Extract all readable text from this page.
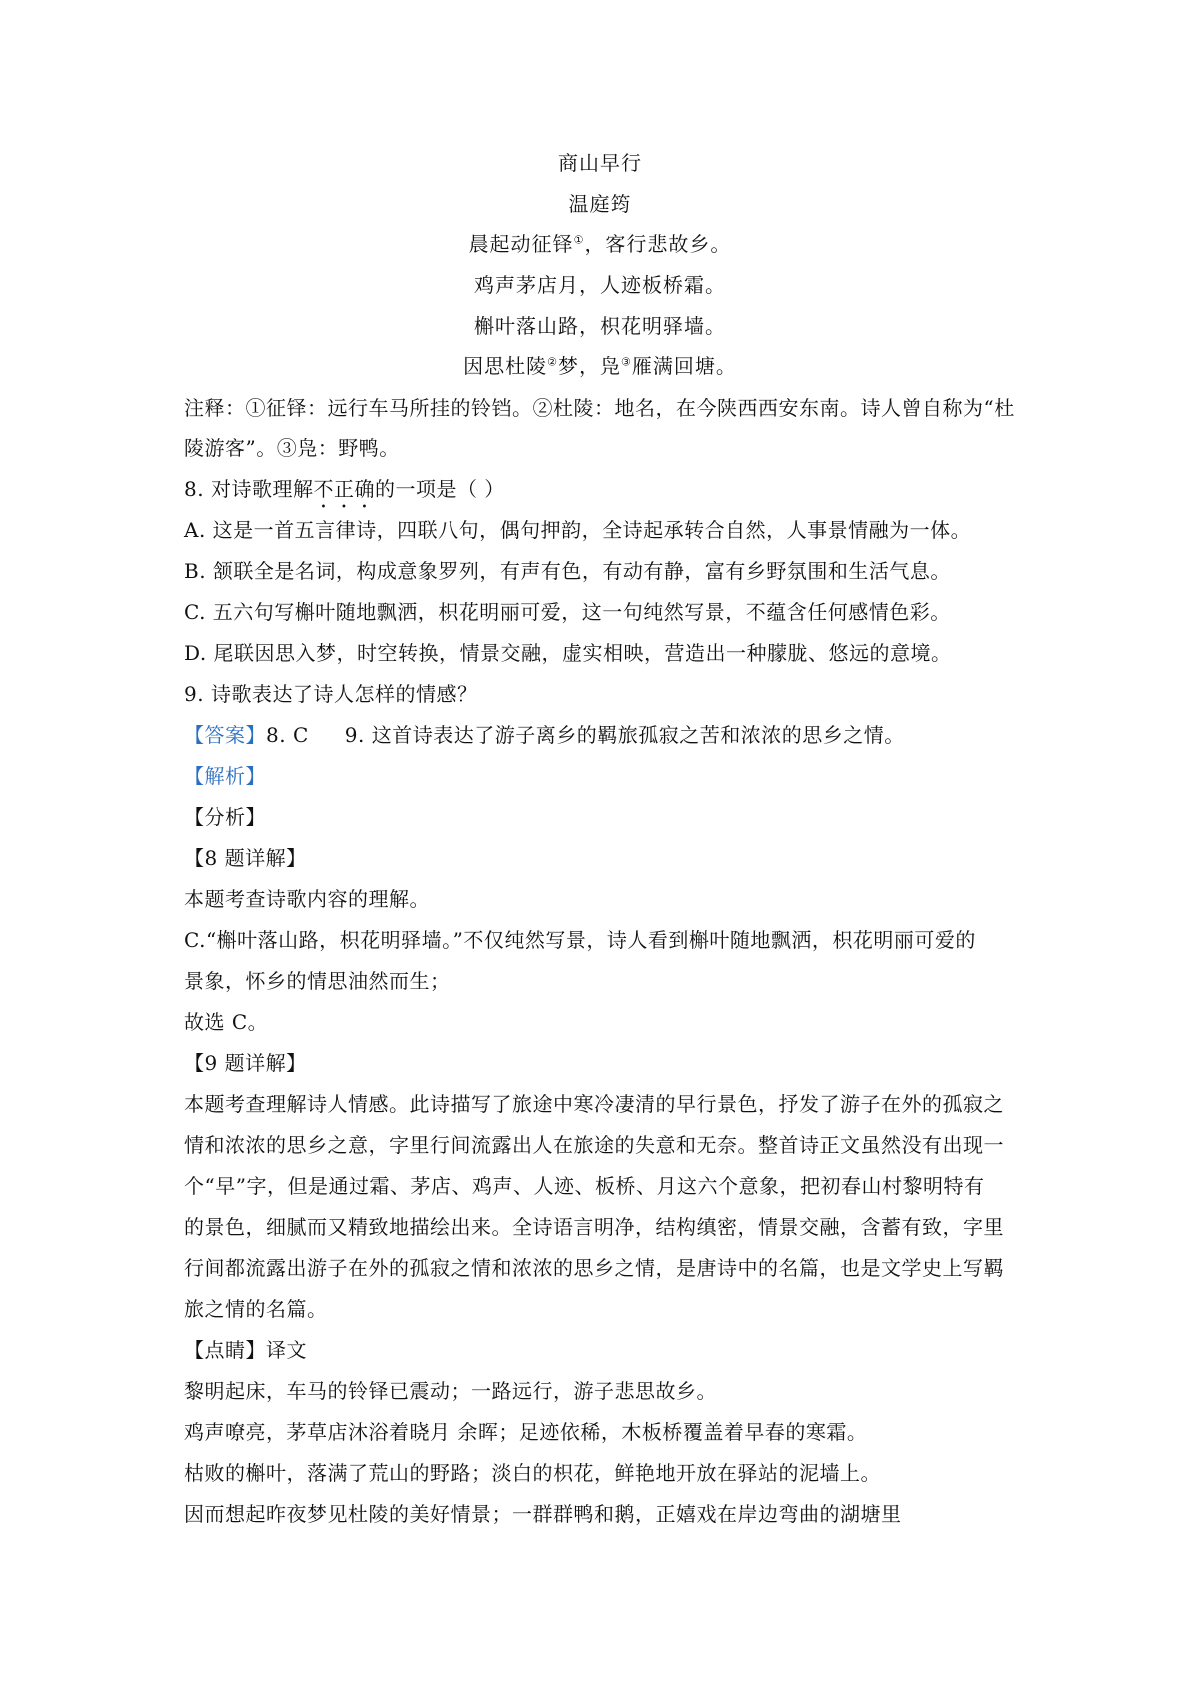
商山早行
温庭筠
晨起动征铎①，客行悲故乡。
鸡声茅店月，人迹板桥霜。
槲叶落山路，枳花明驿墙。
因思杜陵②梦，凫③雁满回塘。
注释：①征铎：远行车马所挂的铃铛。②杜陵：地名，在今陕西西安东南。诗人曾自称为“杜
陵游客”。③凫：野鸭。
8. 对诗歌理解不正确的一项是（ ）
A. 这是一首五言律诗，四联八句，偶句押韵，全诗起承转合自然，人事景情融为一体。
B. 颔联全是名词，构成意象罗列，有声有色，有动有静，富有乡野氛围和生活气息。
C. 五六句写槲叶随地飘洒，枳花明丽可爱，这一句纯然写景，不蕴含任何感情色彩。
D. 尾联因思入梦，时空转换，情景交融，虚实相映，营造出一种朦胧、悠远的意境。
9. 诗歌表达了诗人怎样的情感？
【答案】8. C 9. 这首诗表达了游子离乡的羁旅孤寂之苦和浓浓的思乡之情。
【解析】
【分析】
【8 题详解】
本题考查诗歌内容的理解。
C.“槲叶落山路，枳花明驿墙。”不仅纯然写景，诗人看到槲叶随地飘洒，枳花明丽可爱的
景象，怀乡的情思油然而生；
故选 C。
【9 题详解】
本题考查理解诗人情感。此诗描写了旅途中寒冷凄清的早行景色，抒发了游子在外的孤寂之
情和浓浓的思乡之意，字里行间流露出人在旅途的失意和无奈。整首诗正文虽然没有出现一
个“早”字，但是通过霜、茅店、鸡声、人迹、板桥、月这六个意象，把初春山村黎明特有
的景色，细腻而又精致地描绘出来。全诗语言明净，结构缜密，情景交融，含蓄有致，字里
行间都流露出游子在外的孤寂之情和浓浓的思乡之情，是唐诗中的名篇，也是文学史上写羁
旅之情的名篇。
【点睛】译文
黎明起床，车马的铃铎已震动；一路远行，游子悲思故乡。
鸡声嘹亮，茅草店沐浴着晓月 余晖；足迹依稀，木板桥覆盖着早春的寒霜。
枯败的槲叶，落满了荒山的野路；淡白的枳花，鲜艳地开放在驿站的泥墙上。
因而想起昨夜梦见杜陵的美好情景；一群群鸭和鹅，正嬉戏在岸边弯曲的湖塘里
